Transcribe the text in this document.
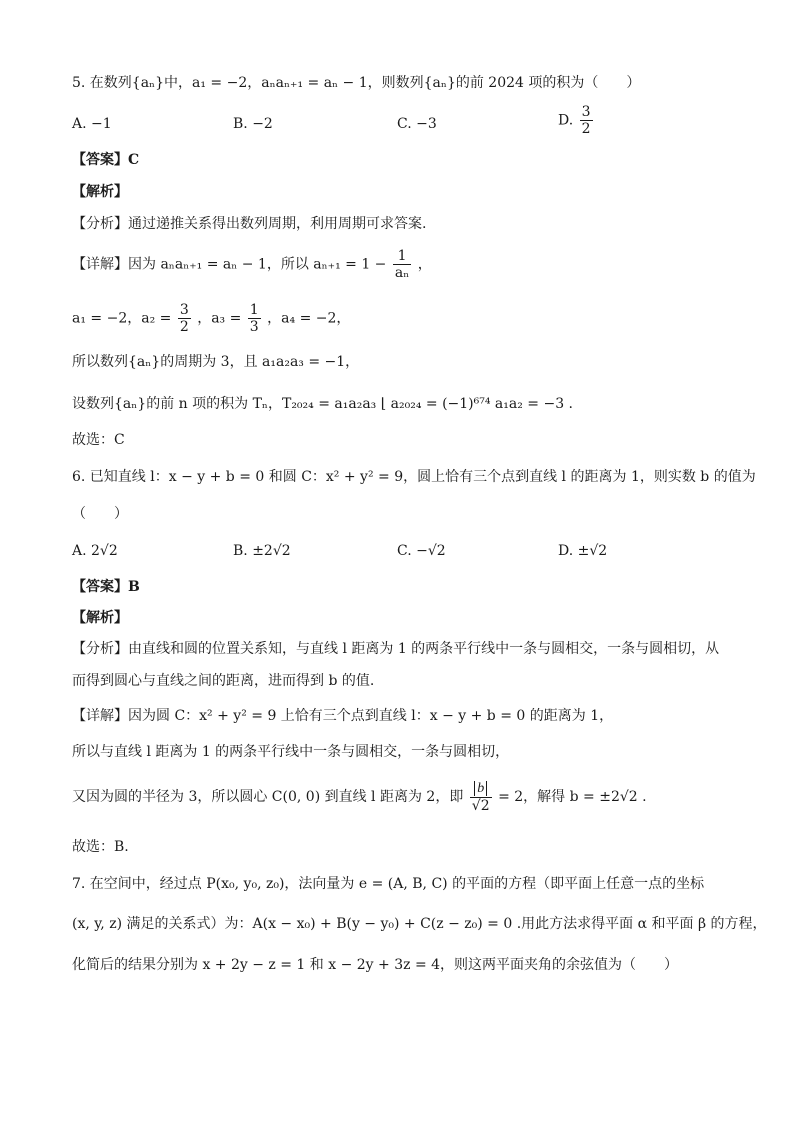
5. 在数列{aₙ}中，a₁ = −2，aₙaₙ₊₁ = aₙ − 1，则数列{aₙ}的前 2024 项的积为（　　）
A. −1	B. −2	C. −3	D. $\frac{3}{2}$
【答案】C
【解析】
【分析】通过递推关系得出数列周期，利用周期可求答案.
【详解】因为 aₙaₙ₊₁ = aₙ − 1，所以 $a_{n+1} = 1 - \frac{1}{\text{aₙ}}$ ，
a₁ = −2，$a_2 = \frac{3}{2}$ ，$a_3 = \frac{1}{3}$ ，a₄ = −2，
所以数列{aₙ}的周期为 3，且 a₁a₂a₃ = −1，
设数列{aₙ}的前 n 项的积为 Tₙ，T₂₀₂₄ = a₁a₂a₃ ⌊ a₂₀₂₄ = (−1)⁶⁷⁴ a₁a₂ = −3 .
故选：C
6. 已知直线 l：x − y + b = 0 和圆 C：x² + y² = 9，圆上恰有三个点到直线 l 的距离为 1，则实数 b 的值为
（　　）
A. 2√2	B. ±2√2	C. −√2	D. ±√2
【答案】B
【解析】
【分析】由直线和圆的位置关系知，与直线 l 距离为 1 的两条平行线中一条与圆相交，一条与圆相切，从
而得到圆心与直线之间的距离，进而得到 b 的值.
【详解】因为圆 C：x² + y² = 9 上恰有三个点到直线 l：x − y + b = 0 的距离为 1，
所以与直线 l 距离为 1 的两条平行线中一条与圆相交，一条与圆相切，
又因为圆的半径为 3，所以圆心 C(0, 0) 到直线 l 距离为 2，即 $\frac{b}{√2} = 2$，解得 b = ±2√2 .
故选：B.
7. 在空间中，经过点 P(x₀, y₀, z₀)，法向量为 e = (A, B, C) 的平面的方程（即平面上任意一点的坐标
(x, y, z) 满足的关系式）为：A(x − x₀) + B(y − y₀) + C(z − z₀) = 0 .用此方法求得平面 α 和平面 β 的方程，
化简后的结果分别为 x + 2y − z = 1 和 x − 2y + 3z = 4，则这两平面夹角的余弦值为（　　）
